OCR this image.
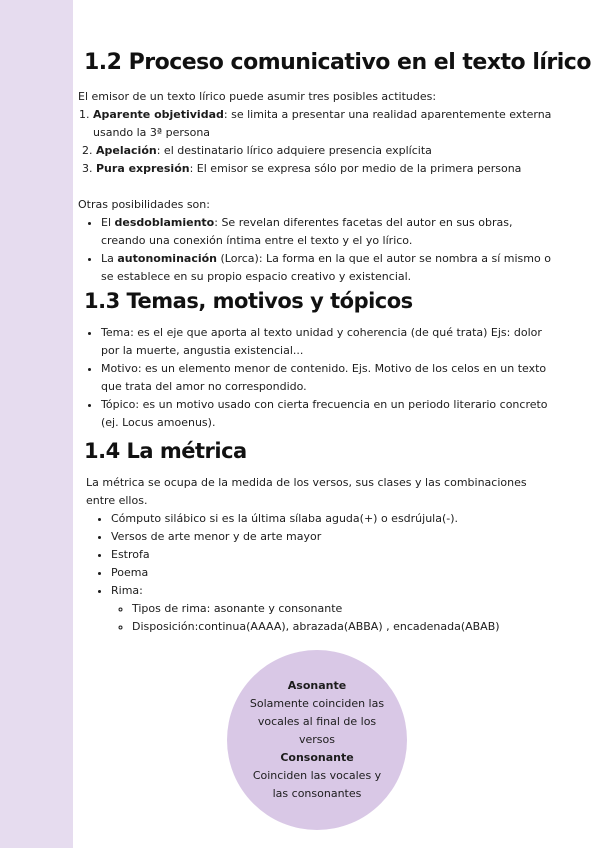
1.2 Proceso comunicativo en el texto lírico
El emisor de un texto lírico puede asumir tres posibles actitudes:
1. Aparente objetividad: se limita a presentar una realidad aparentemente externa usando la 3ª persona
2. Apelación: el destinatario lírico adquiere presencia explícita
3. Pura expresión: El emisor se expresa sólo por medio de la primera persona
Otras posibilidades son:
• El desdoblamiento: Se revelan diferentes facetas del autor en sus obras, creando una conexión íntima entre el texto y el yo lírico.
• La autonominación (Lorca): La forma en la que el autor se nombra a sí mismo o se establece en su propio espacio creativo y existencial.
1.3 Temas, motivos y tópicos
• Tema: es el eje que aporta al texto unidad y coherencia (de qué trata) Ejs: dolor por la muerte, angustia existencial...
• Motivo: es un elemento menor de contenido. Ejs. Motivo de los celos en un texto que trata del amor no correspondido.
• Tópico: es un motivo usado con cierta frecuencia en un periodo literario concreto (ej. Locus amoenus).
1.4 La métrica
La métrica se ocupa de la medida de los versos, sus clases y las combinaciones entre ellos.
• Cómputo silábico si es la última sílaba aguda(+) o esdrújula(-).
• Versos de arte menor y de arte mayor
• Estrofa
• Poema
• Rima:
◦ Tipos de rima: asonante y consonante
◦ Disposición:continua(AAAA), abrazada(ABBA) , encadenada(ABAB)
Asonante
Solamente coinciden las vocales al final de los versos
Consonante
Coinciden las vocales y las consonantes
